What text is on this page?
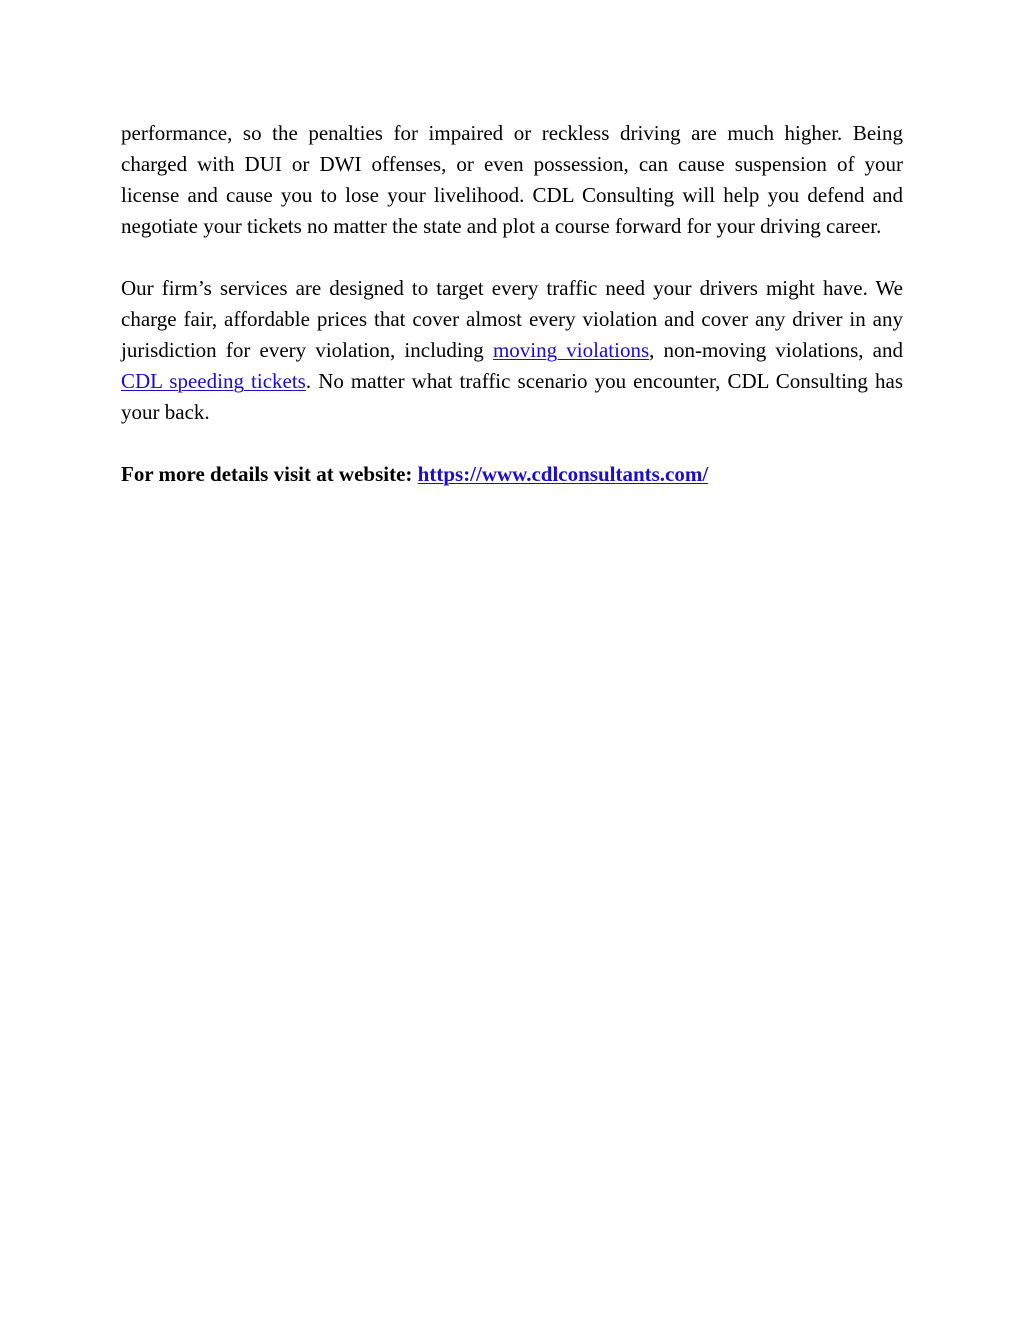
performance, so the penalties for impaired or reckless driving are much higher. Being charged with DUI or DWI offenses, or even possession, can cause suspension of your license and cause you to lose your livelihood. CDL Consulting will help you defend and negotiate your tickets no matter the state and plot a course forward for your driving career.

Our firm’s services are designed to target every traffic need your drivers might have. We charge fair, affordable prices that cover almost every violation and cover any driver in any jurisdiction for every violation, including moving violations, non-moving violations, and CDL speeding tickets. No matter what traffic scenario you encounter, CDL Consulting has your back.

For more details visit at website: https://www.cdlconsultants.com/
